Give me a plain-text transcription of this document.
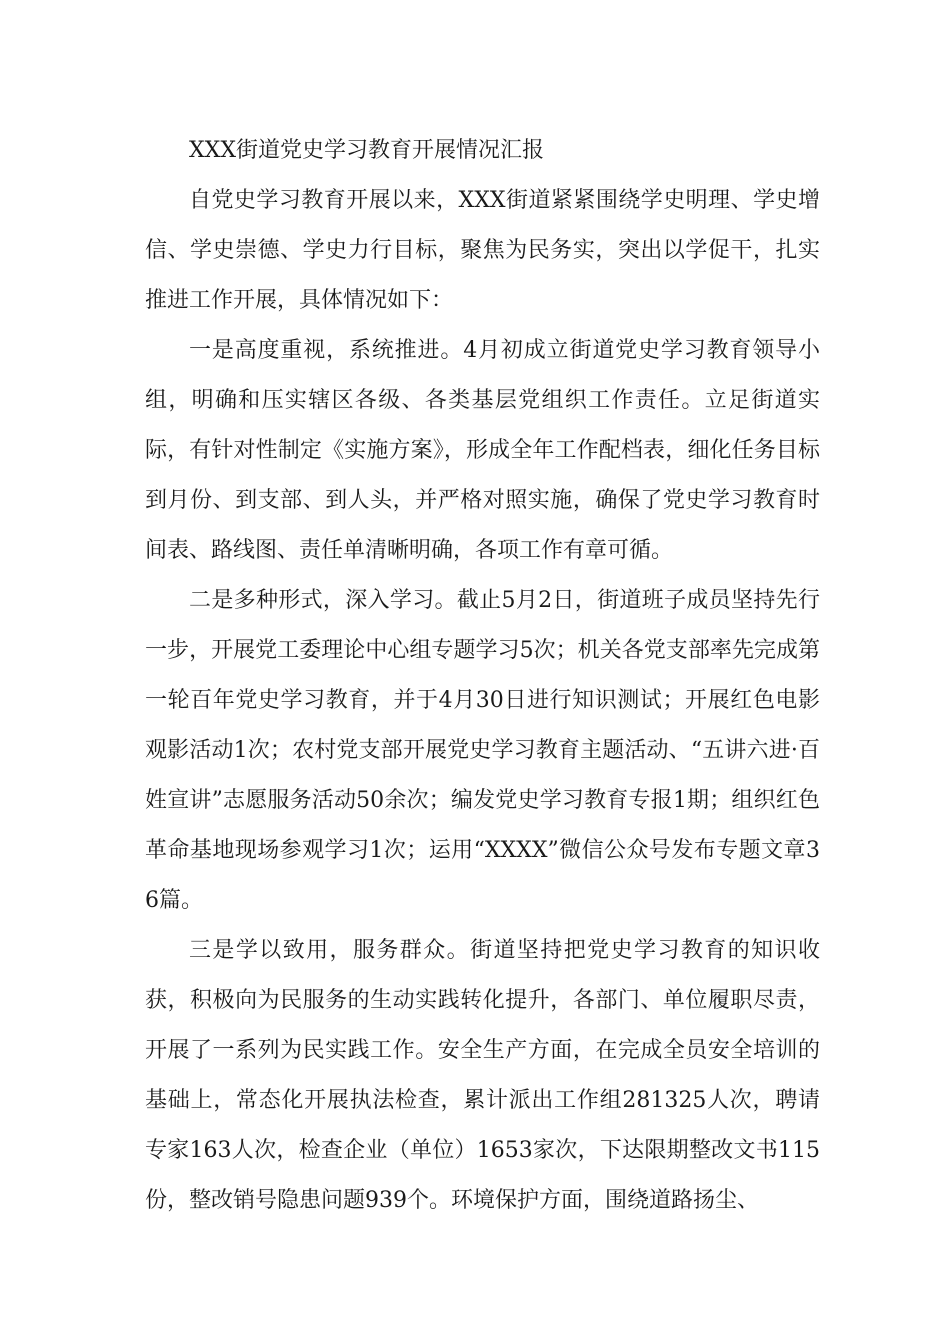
XXX街道党史学习教育开展情况汇报

自党史学习教育开展以来，XXX街道紧紧围绕学史明理、学史增信、学史崇德、学史力行目标，聚焦为民务实，突出以学促干，扎实推进工作开展，具体情况如下：

一是高度重视，系统推进。4月初成立街道党史学习教育领导小组，明确和压实辖区各级、各类基层党组织工作责任。立足街道实际，有针对性制定《实施方案》，形成全年工作配档表，细化任务目标到月份、到支部、到人头，并严格对照实施，确保了党史学习教育时间表、路线图、责任单清晰明确，各项工作有章可循。

二是多种形式，深入学习。截止5月2日，街道班子成员坚持先行一步，开展党工委理论中心组专题学习5次；机关各党支部率先完成第一轮百年党史学习教育，并于4月30日进行知识测试；开展红色电影观影活动1次；农村党支部开展党史学习教育主题活动、“五讲六进·百姓宣讲”志愿服务活动50余次；编发党史学习教育专报1期；组织红色革命基地现场参观学习1次；运用“XXXX”微信公众号发布专题文章36篇。

三是学以致用，服务群众。街道坚持把党史学习教育的知识收获，积极向为民服务的生动实践转化提升，各部门、单位履职尽责，开展了一系列为民实践工作。安全生产方面，在完成全员安全培训的基础上，常态化开展执法检查，累计派出工作组281325人次，聘请专家163人次，检查企业（单位）1653家次，下达限期整改文书115份，整改销号隐患问题939个。环境保护方面，围绕道路扬尘、
